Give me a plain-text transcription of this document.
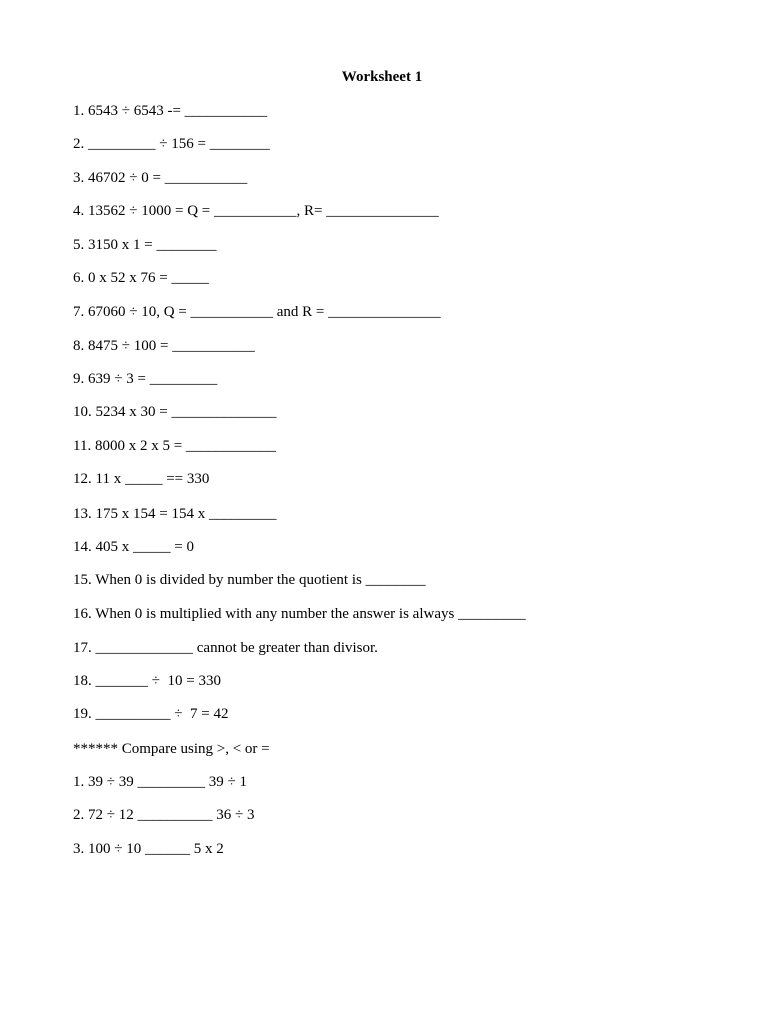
Worksheet 1
1. 6543 ÷ 6543 -= ___________
2. _________ ÷ 156 = ________
3. 46702 ÷ 0 = ___________
4. 13562 ÷ 1000 = Q = ___________, R= _______________
5. 3150 x 1 = ________
6. 0 x 52 x 76 = _____
7. 67060 ÷ 10, Q = ___________ and R = _______________
8. 8475 ÷ 100 = ___________
9. 639 ÷ 3 = _________
10. 5234 x 30 = ______________
11. 8000 x 2 x 5 = ____________
12. 11 x _____ == 330
13. 175 x 154 = 154 x _________
14. 405 x _____ = 0
15. When 0 is divided by number the quotient is ________
16. When 0 is multiplied with any number the answer is always _________
17. _____________ cannot be greater than divisor.
18. _______ ÷  10 = 330
19. __________ ÷  7 = 42
****** Compare using >, < or =
1. 39 ÷ 39 _________ 39 ÷ 1
2. 72 ÷ 12 __________ 36 ÷ 3
3. 100 ÷ 10 ______ 5 x 2
